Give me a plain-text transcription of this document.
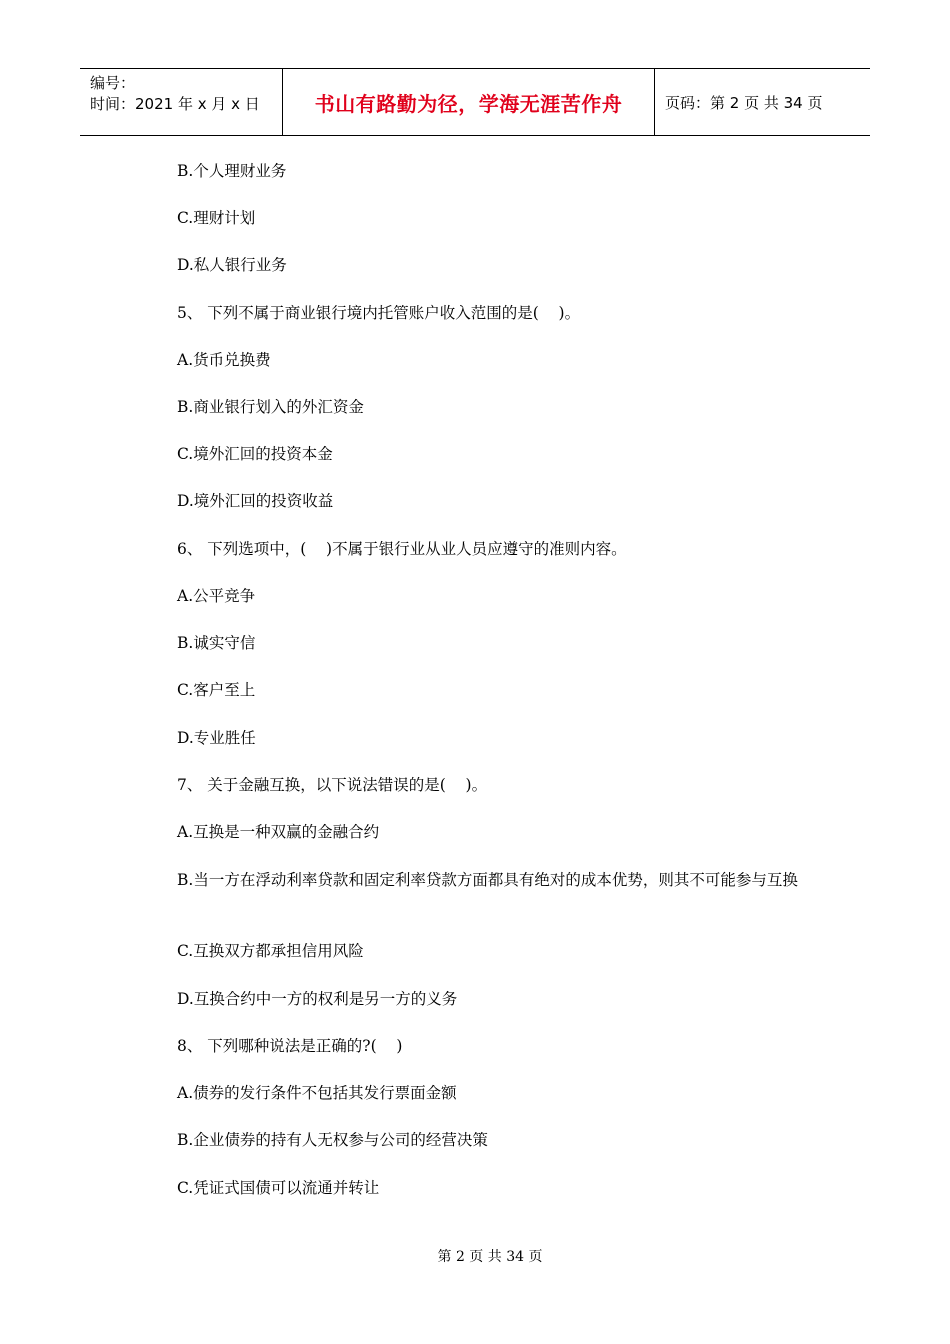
编号：
时间：2021 年 x 月 x 日	书山有路勤为径，学海无涯苦作舟	页码：第 2 页 共 34 页
B.个人理财业务
C.理财计划
D.私人银行业务
5、 下列不属于商业银行境内托管账户收入范围的是(    )。
A.货币兑换费
B.商业银行划入的外汇资金
C.境外汇回的投资本金
D.境外汇回的投资收益
6、 下列选项中，(    )不属于银行业从业人员应遵守的准则内容。
A.公平竞争
B.诚实守信
C.客户至上
D.专业胜任
7、 关于金融互换，以下说法错误的是(    )。
A.互换是一种双赢的金融合约
B.当一方在浮动利率贷款和固定利率贷款方面都具有绝对的成本优势，则其不可能参与互换
C.互换双方都承担信用风险
D.互换合约中一方的权利是另一方的义务
8、 下列哪种说法是正确的?(    )
A.债券的发行条件不包括其发行票面金额
B.企业债券的持有人无权参与公司的经营决策
C.凭证式国债可以流通并转让
第 2 页 共 34 页
